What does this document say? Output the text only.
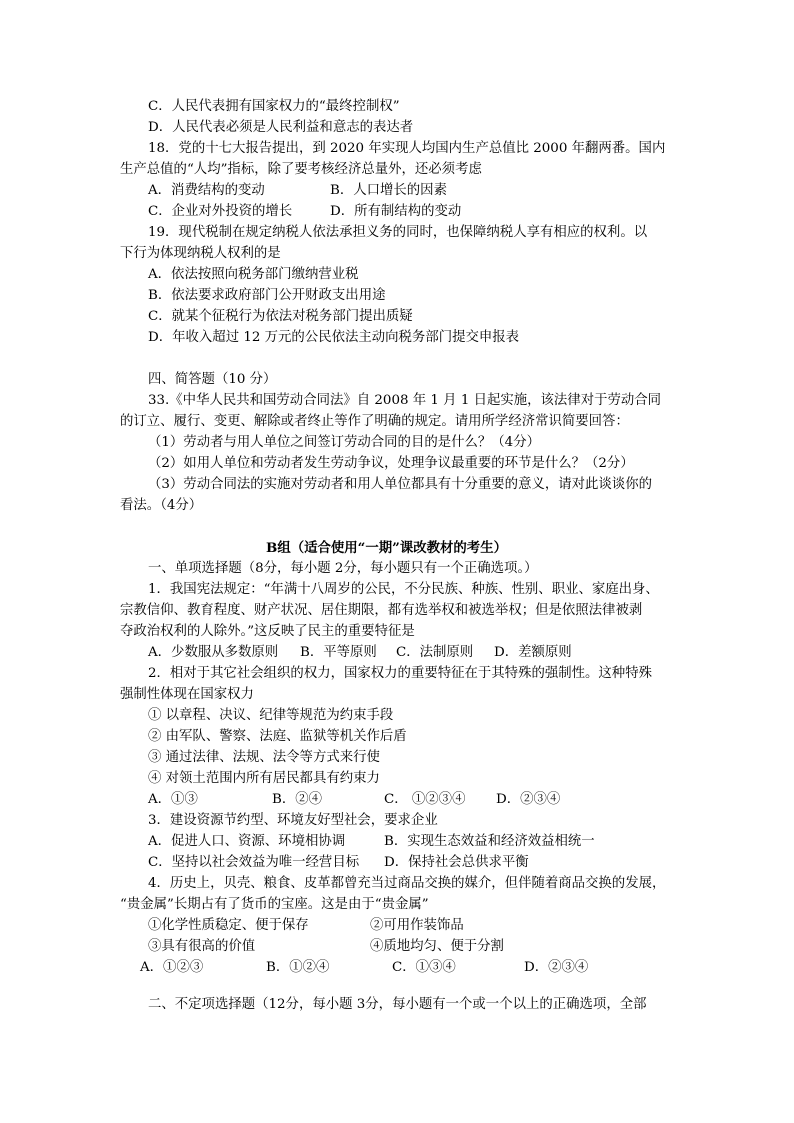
C．人民代表拥有国家权力的“最终控制权”
D．人民代表必须是人民利益和意志的表达者
18．党的十七大报告提出，到 2020 年实现人均国内生产总值比 2000 年翻两番。国内
生产总值的“人均”指标，除了要考核经济总量外，还必须考虑
A．消费结构的变动	B．人口增长的因素
C．企业对外投资的增长	D．所有制结构的变动
19．现代税制在规定纳税人依法承担义务的同时，也保障纳税人享有相应的权利。以
下行为体现纳税人权利的是
A．依法按照向税务部门缴纳营业税
B．依法要求政府部门公开财政支出用途
C．就某个征税行为依法对税务部门提出质疑
D．年收入超过 12 万元的公民依法主动向税务部门提交申报表
四、简答题（10 分）
33.《中华人民共和国劳动合同法》自 2008 年 1 月 1 日起实施，该法律对于劳动合同
的订立、履行、变更、解除或者终止等作了明确的规定。请用所学经济常识简要回答：
（1）劳动者与用人单位之间签订劳动合同的目的是什么？（4分）
（2）如用人单位和劳动者发生劳动争议，处理争议最重要的环节是什么？（2分）
（3）劳动合同法的实施对劳动者和用人单位都具有十分重要的意义，请对此谈谈你的
看法。（4分）
B组（适合使用“一期”课改教材的考生）
一、单项选择题（8分，每小题 2分，每小题只有一个正确选项。）
1．我国宪法规定：“年满十八周岁的公民，不分民族、种族、性别、职业、家庭出身、
宗教信仰、教育程度、财产状况、居住期限，都有选举权和被选举权；但是依照法律被剥
夺政治权利的人除外。”这反映了民主的重要特征是
A．少数服从多数原则 B．平等原则 C．法制原则 D．差额原则
2．相对于其它社会组织的权力，国家权力的重要特征在于其特殊的强制性。这种特殊
强制性体现在国家权力
① 以章程、决议、纪律等规范为约束手段
② 由军队、警察、法庭、监狱等机关作后盾
③ 通过法律、法规、法令等方式来行使
④ 对领土范围内所有居民都具有约束力
A．①③	B．②④	C． ①②③④ D．②③④
3．建设资源节约型、环境友好型社会，要求企业
A．促进人口、资源、环境相协调	B．实现生态效益和经济效益相统一
C．坚持以社会效益为唯一经营目标 D．保持社会总供求平衡
4．历史上，贝壳、粮食、皮革都曾充当过商品交换的媒介，但伴随着商品交换的发展，
“贵金属”长期占有了货币的宝座。这是由于“贵金属”
①化学性质稳定、便于保存	②可用作装饰品
③具有很高的价值	④质地均匀、便于分割
A．①②③	B．①②④	C．①③④	D．②③④
二、不定项选择题（12分，每小题 3分，每小题有一个或一个以上的正确选项，全部
